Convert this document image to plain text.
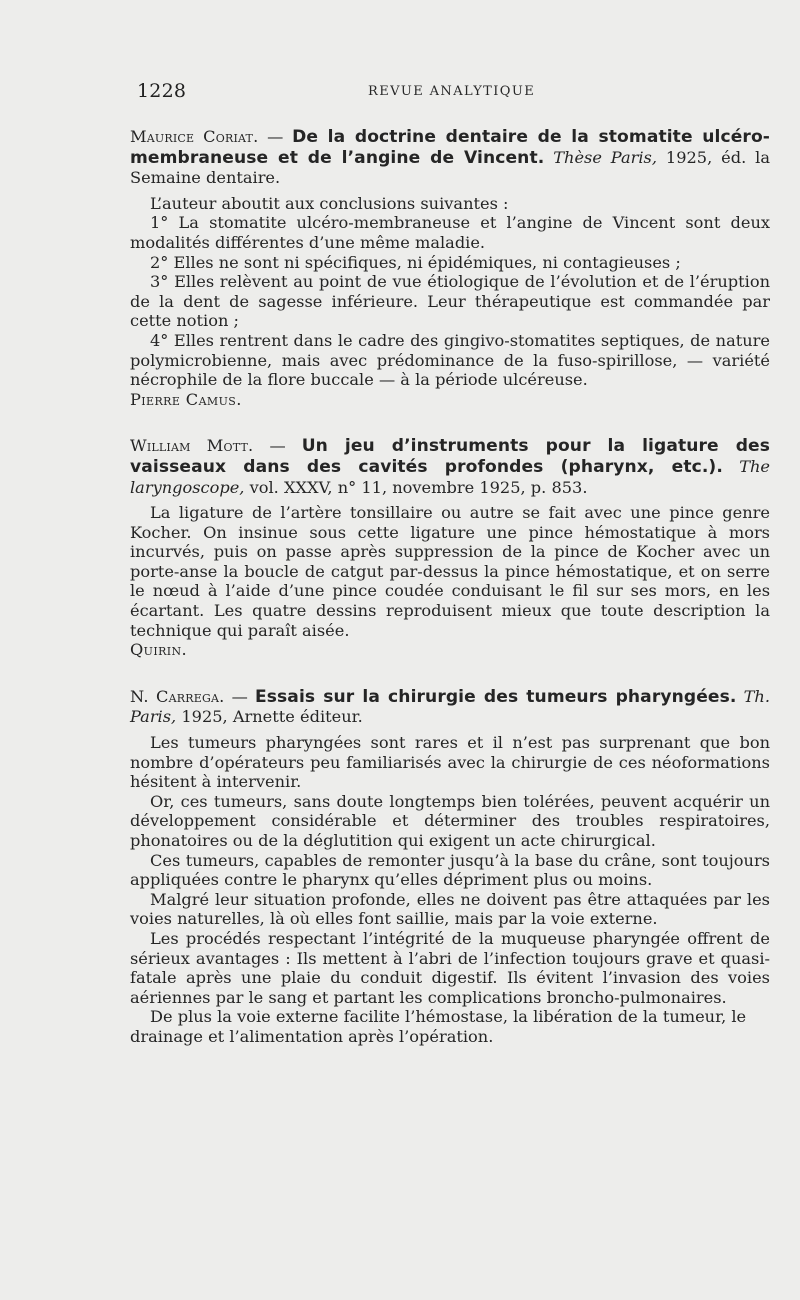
1228	REVUE ANALYTIQUE

Maurice Coriat. — De la doctrine dentaire de la stomatite ulcéro-membraneuse et de l’angine de Vincent. Thèse Paris, 1925, éd. la Semaine dentaire.

L’auteur aboutit aux conclusions suivantes :

1° La stomatite ulcéro-membraneuse et l’angine de Vincent sont deux modalités différentes d’une même maladie.

2° Elles ne sont ni spécifiques, ni épidémiques, ni contagieuses ;

3° Elles relèvent au point de vue étiologique de l’évolution et de l’éruption de la dent de sagesse inférieure. Leur thérapeutique est commandée par cette notion ;

4° Elles rentrent dans le cadre des gingivo-stomatites septiques, de nature polymicrobienne, mais avec prédominance de la fuso-spirillose, — variété nécrophile de la flore buccale — à la période ulcéreuse.

Pierre Camus.

William Mott. — Un jeu d’instruments pour la ligature des vaisseaux dans des cavités profondes (pharynx, etc.). The laryngoscope, vol. XXXV, n° 11, novembre 1925, p. 853.

La ligature de l’artère tonsillaire ou autre se fait avec une pince genre Kocher. On insinue sous cette ligature une pince hémostatique à mors incurvés, puis on passe après suppression de la pince de Kocher avec un porte-anse la boucle de catgut par-dessus la pince hémostatique, et on serre le nœud à l’aide d’une pince coudée conduisant le fil sur ses mors, en les écartant. Les quatre dessins reproduisent mieux que toute description la technique qui paraît aisée.

Quirin.

N. Carrega. — Essais sur la chirurgie des tumeurs pharyngées. Th. Paris, 1925, Arnette éditeur.

Les tumeurs pharyngées sont rares et il n’est pas surprenant que bon nombre d’opérateurs peu familiarisés avec la chirurgie de ces néoformations hésitent à intervenir.

Or, ces tumeurs, sans doute longtemps bien tolérées, peuvent acquérir un développement considérable et déterminer des troubles respiratoires, phonatoires ou de la déglutition qui exigent un acte chirurgical.

Ces tumeurs, capables de remonter jusqu’à la base du crâne, sont toujours appliquées contre le pharynx qu’elles dépriment plus ou moins.

Malgré leur situation profonde, elles ne doivent pas être attaquées par les voies naturelles, là où elles font saillie, mais par la voie externe.

Les procédés respectant l’intégrité de la muqueuse pharyngée offrent de sérieux avantages : Ils mettent à l’abri de l’infection toujours grave et quasi-fatale après une plaie du conduit digestif. Ils évitent l’invasion des voies aériennes par le sang et partant les complications broncho-pulmonaires.

De plus la voie externe facilite l’hémostase, la libération de la tumeur, le drainage et l’alimentation après l’opération.
